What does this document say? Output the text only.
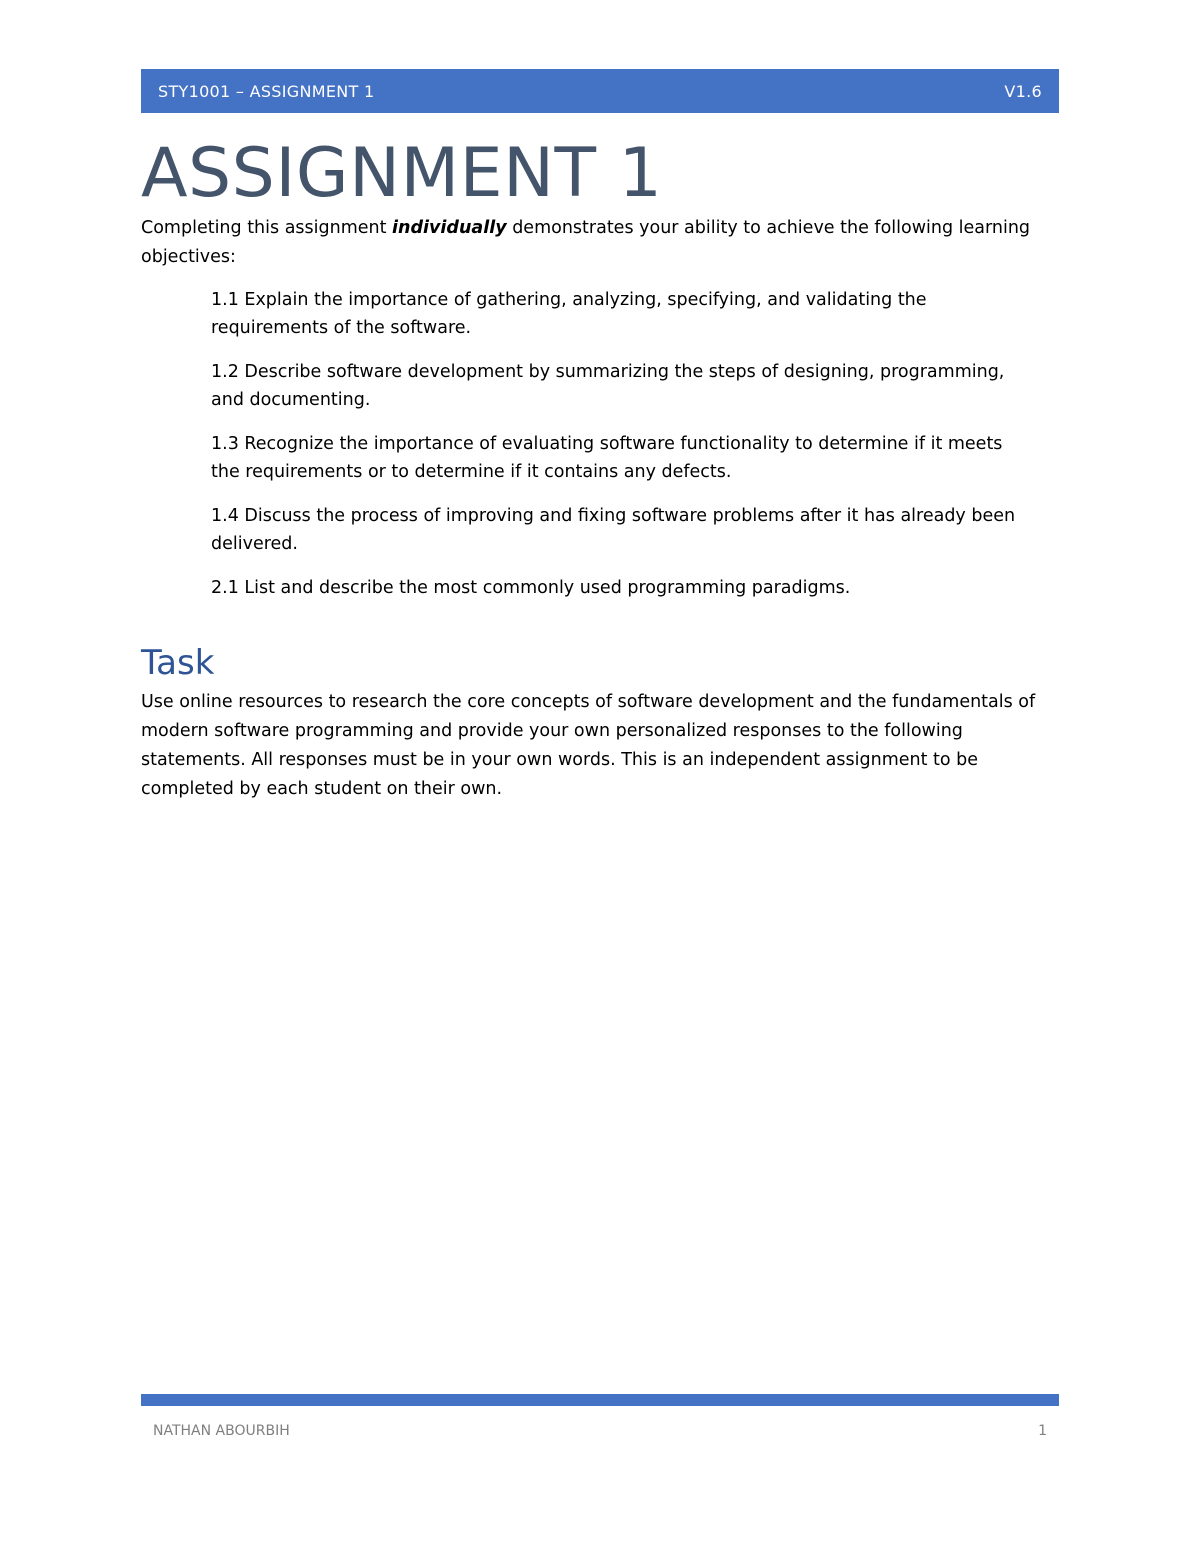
STY1001 – ASSIGNMENT 1	V1.6
ASSIGNMENT 1

Completing this assignment individually demonstrates your ability to achieve the following learning objectives:

1.1 Explain the importance of gathering, analyzing, specifying, and validating the requirements of the software.
1.2 Describe software development by summarizing the steps of designing, programming, and documenting.
1.3 Recognize the importance of evaluating software functionality to determine if it meets the requirements or to determine if it contains any defects.
1.4 Discuss the process of improving and fixing software problems after it has already been delivered.
2.1 List and describe the most commonly used programming paradigms.
Task

Use online resources to research the core concepts of software development and the fundamentals of modern software programming and provide your own personalized responses to the following statements. All responses must be in your own words. This is an independent assignment to be completed by each student on their own.

NATHAN ABOURBIH	1
